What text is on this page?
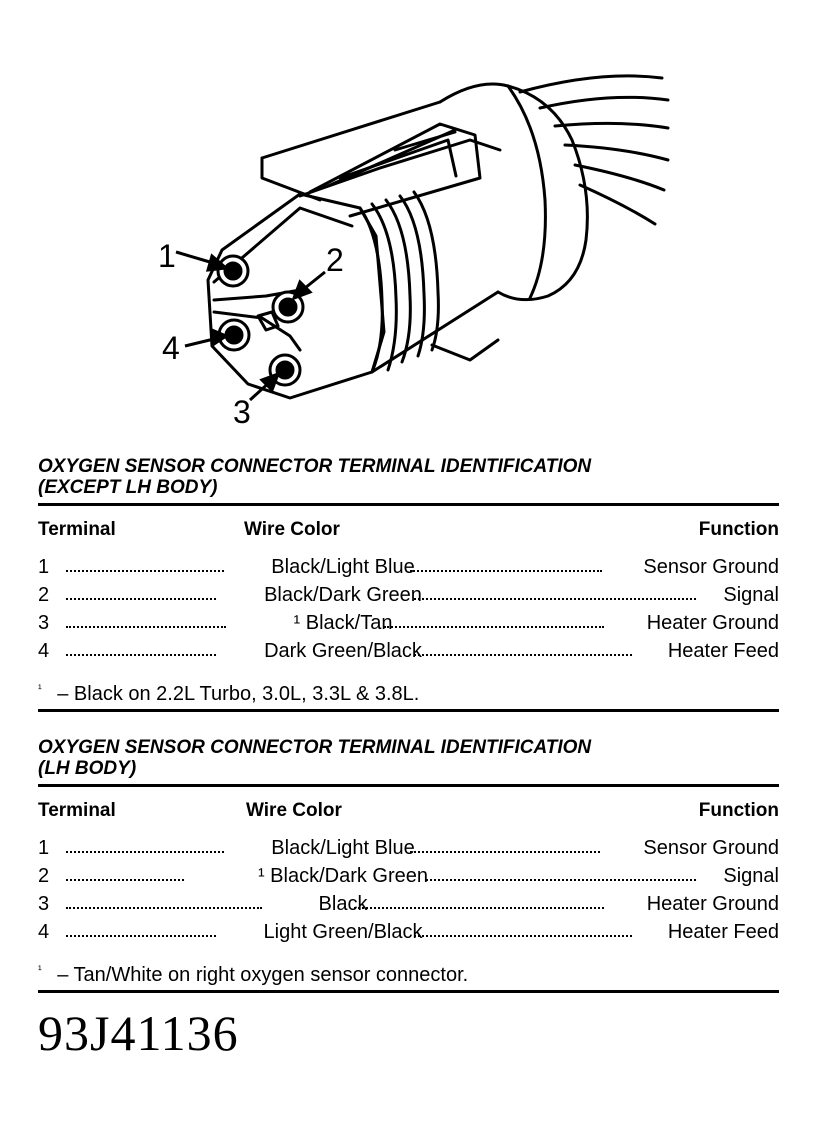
1	2
4
3
OXYGEN SENSOR CONNECTOR TERMINAL IDENTIFICATION
(EXCEPT LH BODY)
Terminal	Wire Color	Function
1	Black/Light Blue	Sensor Ground
2	Black/Dark Green	Signal
3	¹ Black/Tan	Heater Ground
4	Dark Green/Black	Heater Feed
$^{^1}$ – Black on 2.2L Turbo, 3.0L, 3.3L & 3.8L.
OXYGEN SENSOR CONNECTOR TERMINAL IDENTIFICATION
(LH BODY)
Terminal	Wire Color	Function
1	Black/Light Blue	Sensor Ground
2	¹ Black/Dark Green	Signal
3	Black	Heater Ground
4	Light Green/Black	Heater Feed
$^{^1}$ – Tan/White on right oxygen sensor connector.
93J41136
